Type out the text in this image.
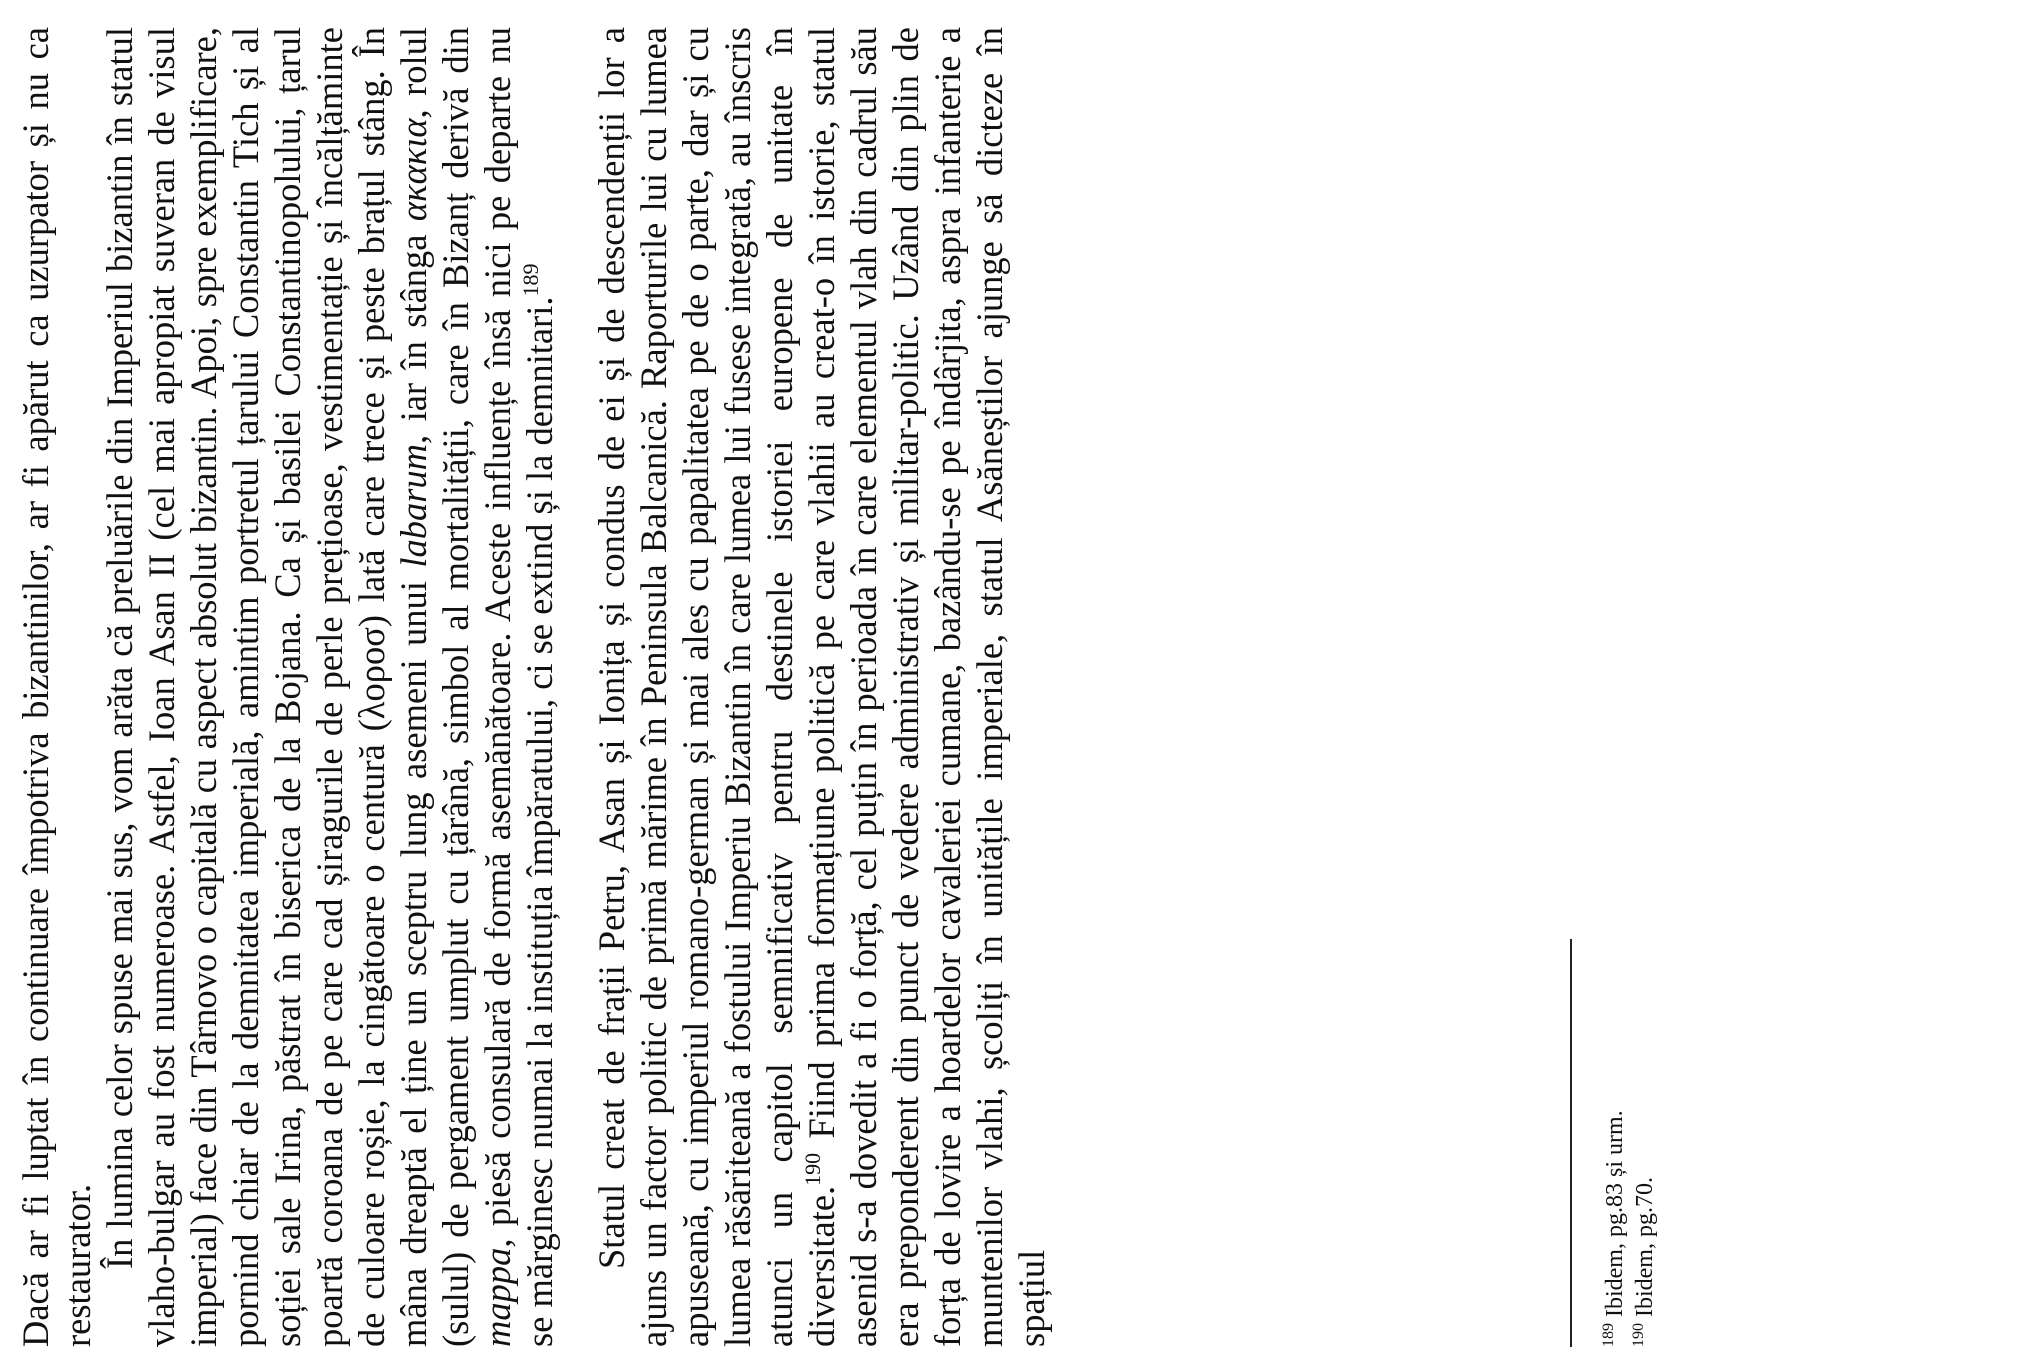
Dacă ar fi luptat în continuare împotriva bizantinilor, ar fi apărut ca uzurpator și nu ca restaurator. În lumina celor spuse mai sus, vom arăta că preluările din Imperiul bizantin în statul vlaho-bulgar au fost numeroase. Astfel, Ioan Asan II (cel mai apropiat suveran de visul imperial) face din Târnovo o capitală cu aspect absolut bizantin. Apoi, spre exemplificare, pornind chiar de la demnitatea imperială, amintim portretul țarului Constantin Tich și al soției sale Irina, păstrat în biserica de la Bojana. Ca și basilei Constantinopolului, țarul poartă coroana de pe care cad șiragurile de perle prețioase, vestimentație și încălțăminte de culoare roșie, la cingătoare o centură (λοροσ) lată care trece și peste brațul stâng. În mâna dreaptă el ține un sceptru lung asemeni unui labarum, iar în stânga ακακια, rolul (sulul) de pergament umplut cu țărână, simbol al mortalității, care în Bizanț derivă din mappa, piesă consulară de formă asemănătoare. Aceste influențe însă nici pe departe nu se mărginesc numai la instituția împăratului, ci se extind și la demnitari.$^{189}$	Statul creat de frații Petru, Asan și Ionița și condus de ei și de descendenții lor a ajuns un factor politic de primă mărime în Peninsula Balcanică. Raporturile lui cu lumea apuseană, cu imperiul romano-german și mai ales cu papalitatea pe de o parte, dar și cu lumea răsăriteană a fostului Imperiu Bizantin în care lumea lui fusese integrată, au înscris atunci un capitol semnificativ pentru destinele istoriei europene de unitate în diversitate.$^{190}$ Fiind prima formațiune politică pe care vlahii au creat-o în istorie, statul asenid s-a dovedit a fi o forță, cel puțin în perioada în care elementul vlah din cadrul său era preponderent din punct de vedere administrativ și militar-politic. Uzând din plin de forța de lovire a hoardelor cavaleriei cumane, bazându-se pe îndârjita, aspra infanterie a muntenilor vlahi, școliți în unitățile imperiale, statul Asăneștilor ajunge să dicteze în spațiul	$^{189}$ Ibidem, pg.83 și urm.

$^{190}$ Ibidem, pg.70.
